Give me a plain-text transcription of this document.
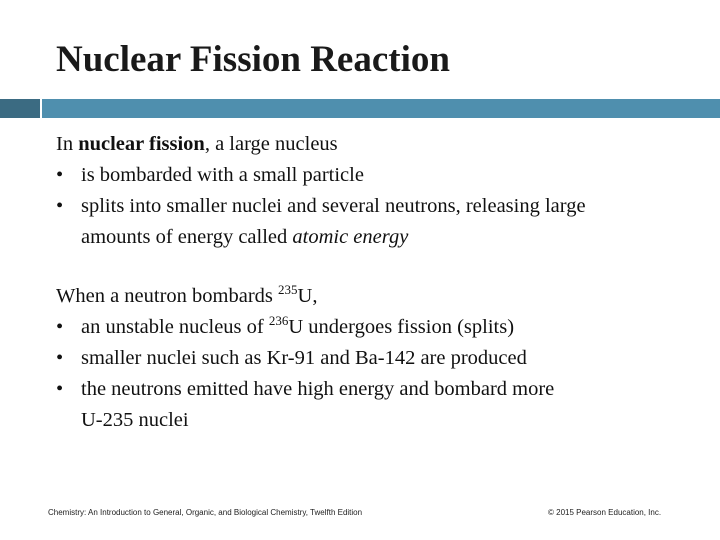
Nuclear Fission Reaction
In nuclear fission, a large nucleus
• is bombarded with a small particle
• splits into smaller nuclei and several neutrons, releasing large
amounts of energy called atomic energy
When a neutron bombards $^{235}$U,
• an unstable nucleus of $^{236}$U undergoes fission (splits)
• smaller nuclei such as Kr-91 and Ba-142 are produced
• the neutrons emitted have high energy and bombard more
U-235 nuclei
Chemistry: An Introduction to General, Organic, and Biological Chemistry, Twelfth Edition	© 2015 Pearson Education, Inc.
